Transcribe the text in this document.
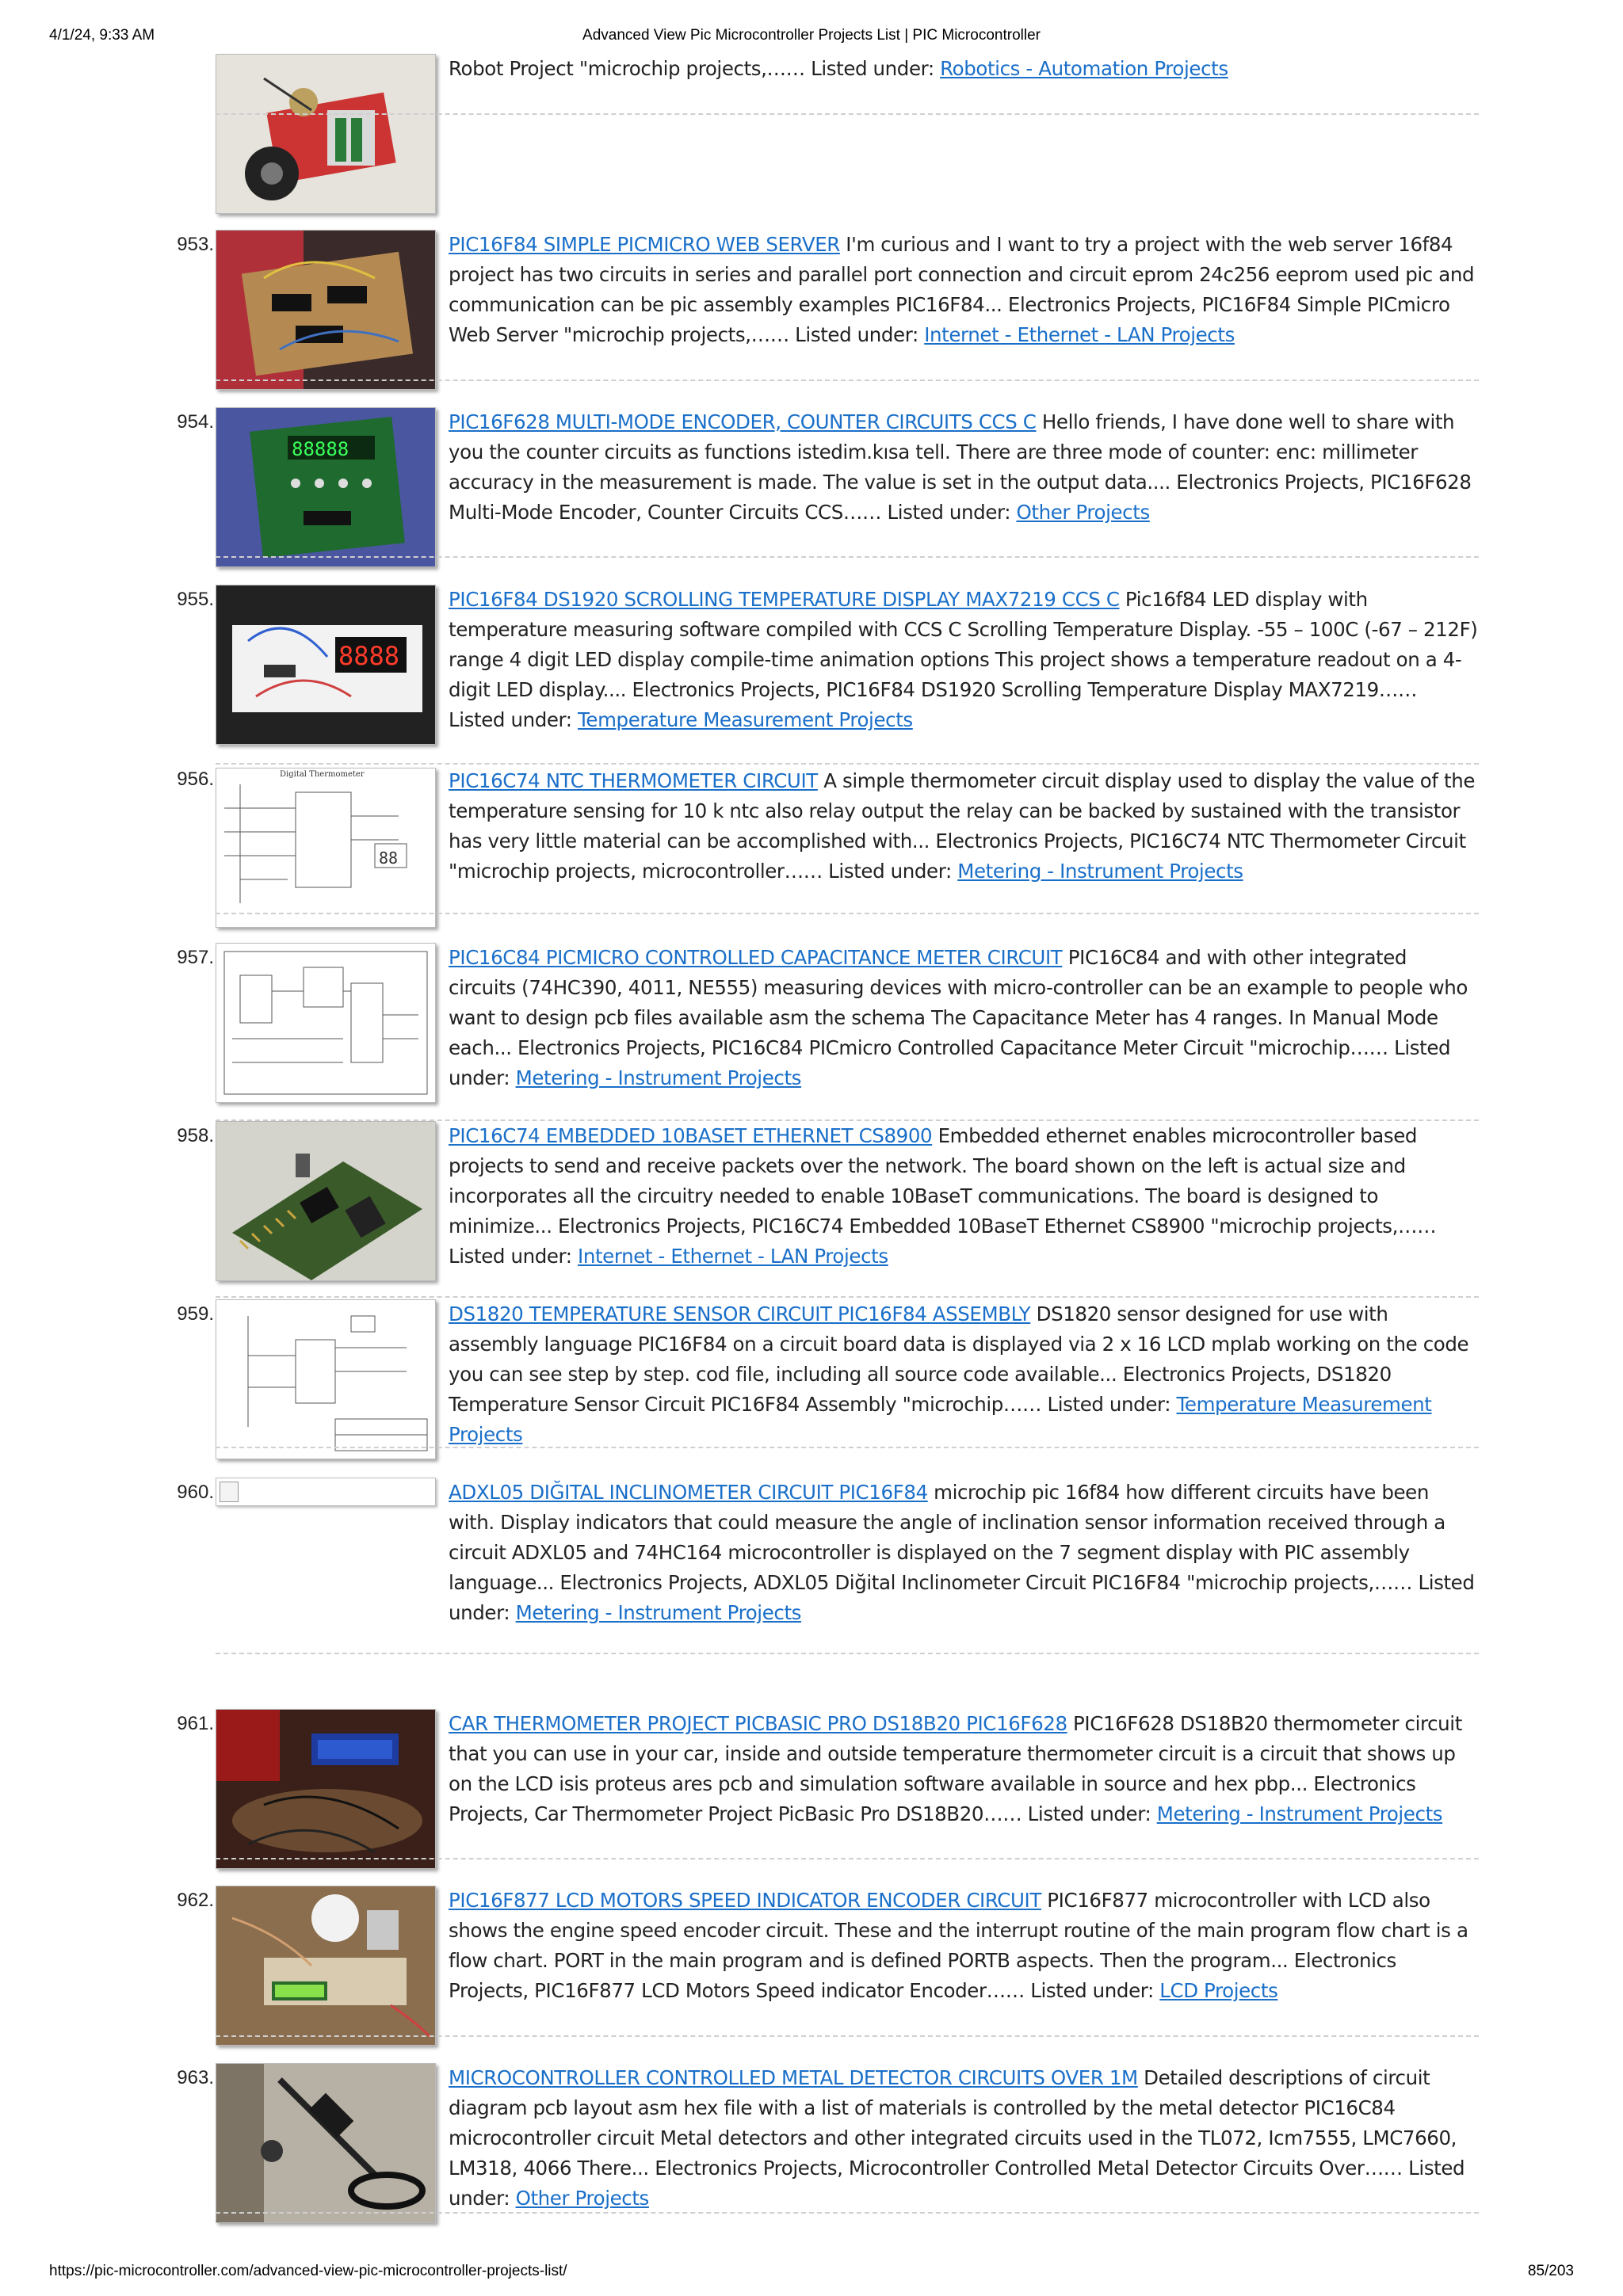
4/1/24, 9:33 AM	Advanced View Pic Microcontroller Projects List | PIC Microcontroller
Robot Project "microchip projects,…… Listed under: Robotics - Automation Projects
953.	PIC16F84 SIMPLE PICMICRO WEB SERVER I'm curious and I want to try a project with the web server 16f84 project has two circuits in series and parallel port connection and circuit eprom 24c256 eeprom used pic and communication can be pic assembly examples PIC16F84... Electronics Projects, PIC16F84 Simple PICmicro Web Server "microchip projects,…… Listed under: Internet - Ethernet - LAN Projects
954.
88888
PIC16F628 MULTI-MODE ENCODER, COUNTER CIRCUITS CCS C Hello friends, I have done well to share with you the counter circuits as functions istedim.kısa tell. There are three mode of counter: enc: millimeter accuracy in the measurement is made. The value is set in the output data.... Electronics Projects, PIC16F628 Multi-Mode Encoder, Counter Circuits CCS…… Listed under: Other Projects
955.
8888
PIC16F84 DS1920 SCROLLING TEMPERATURE DISPLAY MAX7219 CCS C Pic16f84 LED display with temperature measuring software compiled with CCS C Scrolling Temperature Display. -55 – 100C (-67 – 212F) range 4 digit LED display compile-time animation options This project shows a temperature readout on a 4-digit LED display.... Electronics Projects, PIC16F84 DS1920 Scrolling Temperature Display MAX7219…… Listed under: Temperature Measurement Projects
956.	Digital Thermometer
88
PIC16C74 NTC THERMOMETER CIRCUIT A simple thermometer circuit display used to display the value of the temperature sensing for 10 k ntc also relay output the relay can be backed by sustained with the transistor has very little material can be accomplished with... Electronics Projects, PIC16C74 NTC Thermometer Circuit "microchip projects, microcontroller…… Listed under: Metering - Instrument Projects
957.	PIC16C84 PICMICRO CONTROLLED CAPACITANCE METER CIRCUIT PIC16C84 and with other integrated circuits (74HC390, 4011, NE555) measuring devices with micro-controller can be an example to people who want to design pcb files available asm the schema The Capacitance Meter has 4 ranges. In Manual Mode each... Electronics Projects, PIC16C84 PICmicro Controlled Capacitance Meter Circuit "microchip…… Listed under: Metering - Instrument Projects
958.	PIC16C74 EMBEDDED 10BASET ETHERNET CS8900 Embedded ethernet enables microcontroller based projects to send and receive packets over the network. The board shown on the left is actual size and incorporates all the circuitry needed to enable 10BaseT communications. The board is designed to minimize... Electronics Projects, PIC16C74 Embedded 10BaseT Ethernet CS8900 "microchip projects,…… Listed under: Internet - Ethernet - LAN Projects
959.	DS1820 TEMPERATURE SENSOR CIRCUIT PIC16F84 ASSEMBLY DS1820 sensor designed for use with assembly language PIC16F84 on a circuit board data is displayed via 2 x 16 LCD mplab working on the code you can see step by step. cod file, including all source code available... Electronics Projects, DS1820 Temperature Sensor Circuit PIC16F84 Assembly "microchip…… Listed under: Temperature Measurement Projects
960.	ADXL05 DIĞITAL INCLINOMETER CIRCUIT PIC16F84 microchip pic 16f84 how different circuits have been with. Display indicators that could measure the angle of inclination sensor information received through a circuit ADXL05 and 74HC164 microcontroller is displayed on the 7 segment display with PIC assembly language... Electronics Projects, ADXL05 Diğital Inclinometer Circuit PIC16F84 "microchip projects,…… Listed under: Metering - Instrument Projects
961.	CAR THERMOMETER PROJECT PICBASIC PRO DS18B20 PIC16F628 PIC16F628 DS18B20 thermometer circuit that you can use in your car, inside and outside temperature thermometer circuit is a circuit that shows up on the LCD isis proteus ares pcb and simulation software available in source and hex pbp... Electronics Projects, Car Thermometer Project PicBasic Pro DS18B20…… Listed under: Metering - Instrument Projects
962.	PIC16F877 LCD MOTORS SPEED INDICATOR ENCODER CIRCUIT PIC16F877 microcontroller with LCD also shows the engine speed encoder circuit. These and the interrupt routine of the main program flow chart is a flow chart. PORT in the main program and is defined PORTB aspects. Then the program... Electronics Projects, PIC16F877 LCD Motors Speed indicator Encoder…… Listed under: LCD Projects
963.	MICROCONTROLLER CONTROLLED METAL DETECTOR CIRCUITS OVER 1M Detailed descriptions of circuit diagram pcb layout asm hex file with a list of materials is controlled by the metal detector PIC16C84 microcontroller circuit Metal detectors and other integrated circuits used in the TL072, Icm7555, LMC7660, LM318, 4066 There... Electronics Projects, Microcontroller Controlled Metal Detector Circuits Over…… Listed under: Other Projects
https://pic-microcontroller.com/advanced-view-pic-microcontroller-projects-list/	85/203
